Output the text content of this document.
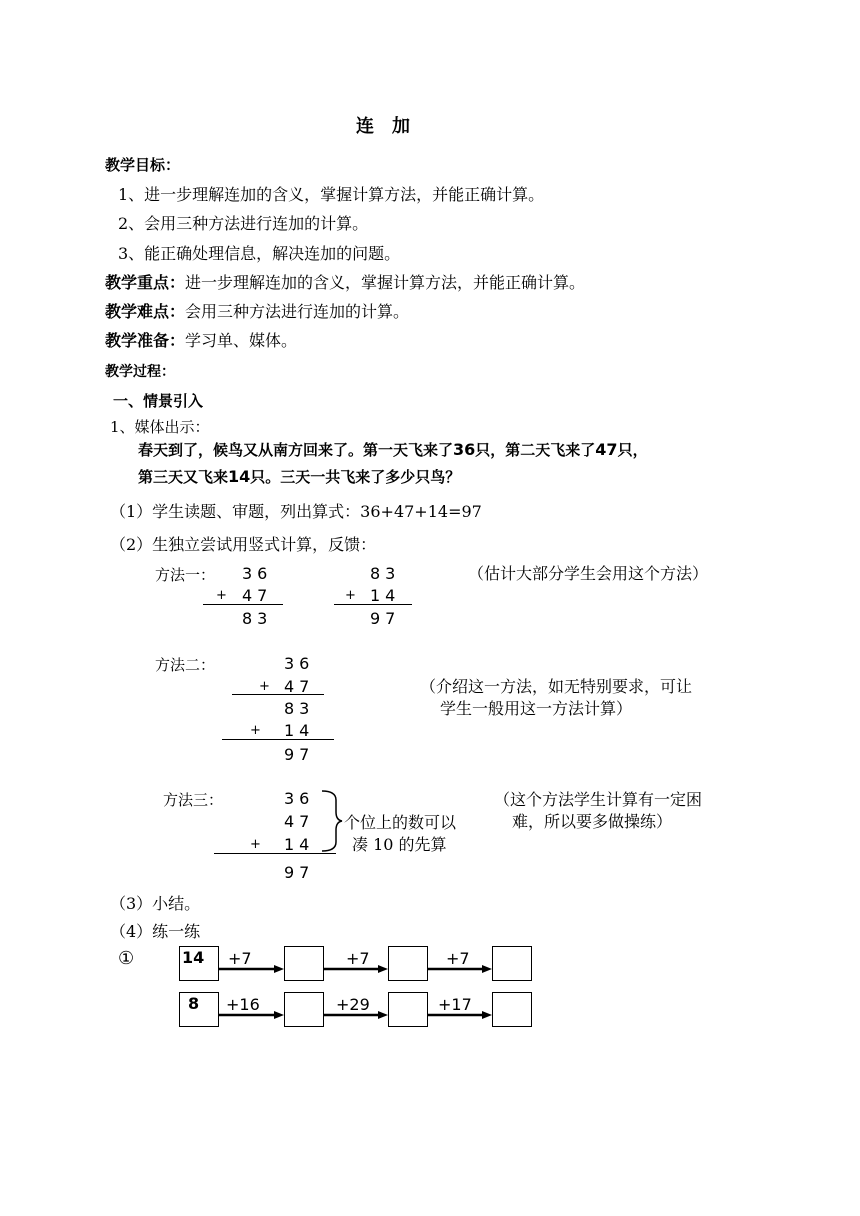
连　加
教学目标：
1、进一步理解连加的含义，掌握计算方法，并能正确计算。
2、会用三种方法进行连加的计算。
3、能正确处理信息，解决连加的问题。
教学重点：进一步理解连加的含义，掌握计算方法，并能正确计算。
教学难点：会用三种方法进行连加的计算。
教学准备：学习单、媒体。
教学过程：
一、情景引入
1、媒体出示：
春天到了，候鸟又从南方回来了。第一天飞来了36只，第二天飞来了47只，
第三天又飞来14只。三天一共飞来了多少只鸟？
（1）学生读题、审题，列出算式：36+47+14=97
（2）生独立尝试用竖式计算，反馈：
方法一： 36
+ 47
83
83
+ 14
97
（估计大部分学生会用这个方法）
方法二：	36
+ 47
83
+ 14
97
（介绍这一方法，如无特别要求，可让
学生一般用这一方法计算）
方法三：	36
47
+ 14
97
个位上的数可以
凑 10 的先算
（这个方法学生计算有一定困
难，所以要多做操练）
（3）小结。
（4）练一练
①	14 +7	+7	+7
8 +16	+29	+17
